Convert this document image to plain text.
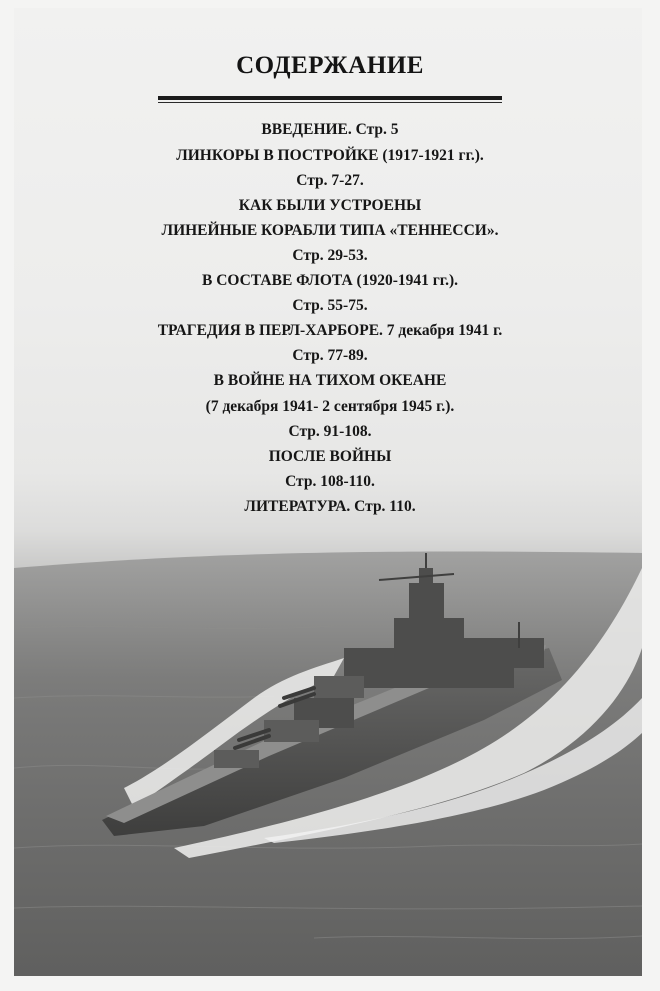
СОДЕРЖАНИЕ
ВВЕДЕНИЕ. Стр. 5
ЛИНКОРЫ В ПОСТРОЙКЕ (1917-1921 гг.).
Стр. 7-27.
КАК БЫЛИ УСТРОЕНЫ
ЛИНЕЙНЫЕ КОРАБЛИ ТИПА «ТЕННЕССИ».
Стр. 29-53.
В СОСТАВЕ ФЛОТА (1920-1941 гг.).
Стр. 55-75.
ТРАГЕДИЯ В ПЕРЛ-ХАРБОРЕ. 7 декабря 1941 г.
Стр. 77-89.
В ВОЙНЕ НА ТИХОМ ОКЕАНЕ
(7 декабря 1941- 2 сентября 1945 г.).
Стр. 91-108.
ПОСЛЕ ВОЙНЫ
Стр. 108-110.
ЛИТЕРАТУРА. Стр. 110.
